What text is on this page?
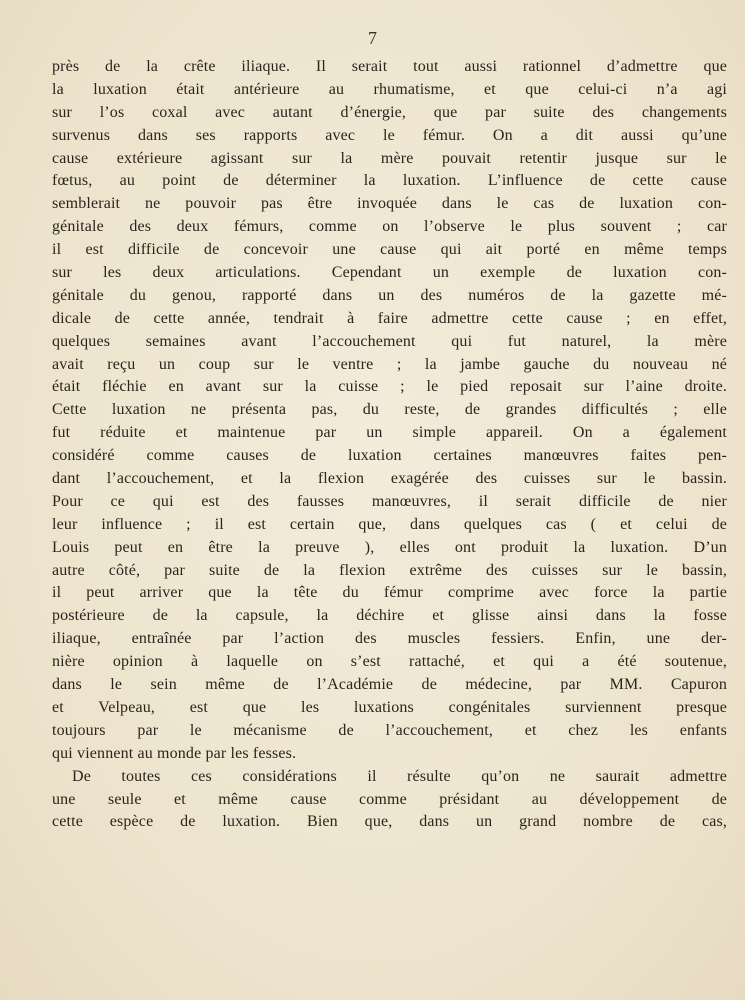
7
près de la crête iliaque. Il serait tout aussi rationnel d’admettre que
la luxation était antérieure au rhumatisme, et que celui-ci n’a agi
sur l’os coxal avec autant d’énergie, que par suite des changements
survenus dans ses rapports avec le fémur. On a dit aussi qu’une
cause extérieure agissant sur la mère pouvait retentir jusque sur le
fœtus, au point de déterminer la luxation. L’influence de cette cause
semblerait ne pouvoir pas être invoquée dans le cas de luxation con-
génitale des deux fémurs, comme on l’observe le plus souvent ; car
il est difficile de concevoir une cause qui ait porté en même temps
sur les deux articulations. Cependant un exemple de luxation con-
génitale du genou, rapporté dans un des numéros de la gazette mé-
dicale de cette année, tendrait à faire admettre cette cause ; en effet,
quelques semaines avant l’accouchement qui fut naturel, la mère
avait reçu un coup sur le ventre ; la jambe gauche du nouveau né
était fléchie en avant sur la cuisse ; le pied reposait sur l’aine droite.
Cette luxation ne présenta pas, du reste, de grandes difficultés ; elle
fut réduite et maintenue par un simple appareil. On a également
considéré comme causes de luxation certaines manœuvres faites pen-
dant l’accouchement, et la flexion exagérée des cuisses sur le bassin.
Pour ce qui est des fausses manœuvres, il serait difficile de nier
leur influence ; il est certain que, dans quelques cas ( et celui de
Louis peut en être la preuve ), elles ont produit la luxation. D’un
autre côté, par suite de la flexion extrême des cuisses sur le bassin,
il peut arriver que la tête du fémur comprime avec force la partie
postérieure de la capsule, la déchire et glisse ainsi dans la fosse
iliaque, entraînée par l’action des muscles fessiers. Enfin, une der-
nière opinion à laquelle on s’est rattaché, et qui a été soutenue,
dans le sein même de l’Académie de médecine, par MM. Capuron
et Velpeau, est que les luxations congénitales surviennent presque
toujours par le mécanisme de l’accouchement, et chez les enfants
qui viennent au monde par les fesses.
De toutes ces considérations il résulte qu’on ne saurait admettre
une seule et même cause comme présidant au développement de
cette espèce de luxation. Bien que, dans un grand nombre de cas,
